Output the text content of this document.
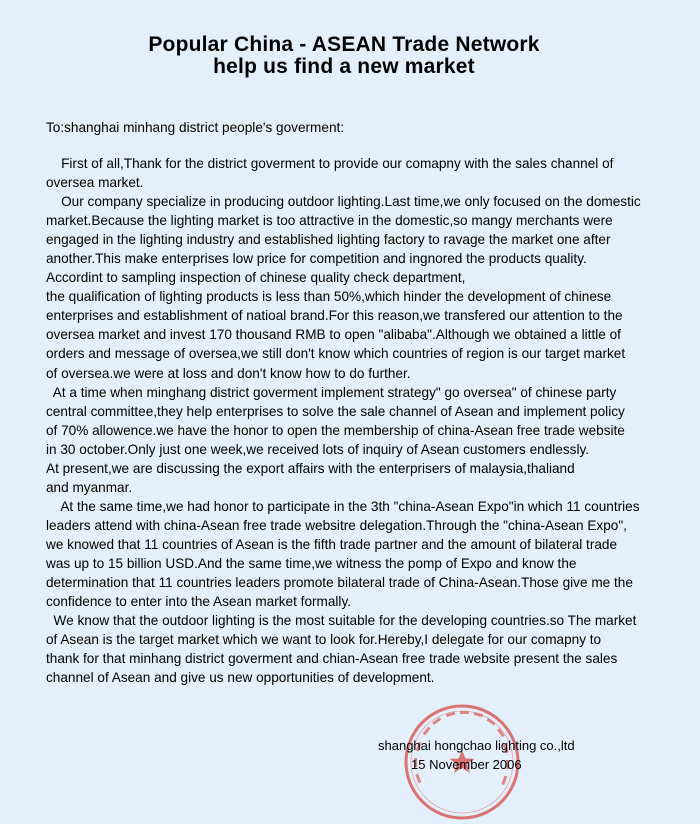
Popular China - ASEAN Trade Network
help us find a new market
To:shanghai minhang district people's goverment:
First of all,Thank for the district goverment to provide our comapny with the sales channel of
oversea market.
Our company specialize in producing outdoor lighting.Last time,we only focused on the domestic
market.Because the lighting market is too attractive in the domestic,so mangy merchants were
engaged in the lighting industry and established lighting factory to ravage the market one after
another.This make enterprises low price for competition and ingnored the products quality.
Accordint to sampling inspection of chinese quality check department,
the qualification of lighting products is less than 50%,which hinder the development of chinese
enterprises and establishment of natioal brand.For this reason,we transfered our attention to the
oversea market and invest 170 thousand RMB to open "alibaba".Although we obtained a little of
orders and message of oversea,we still don't know which countries of region is our target market
of oversea.we were at loss and don't know how to do further.
At a time when minghang district goverment implement strategy" go oversea" of chinese party
central committee,they help enterprises to solve the sale channel of Asean and implement policy
of 70% allowence.we have the honor to open the membership of china-Asean free trade website
in 30 october.Only just one week,we received lots of inquiry of Asean customers endlessly.
At present,we are discussing the export affairs with the enterprisers of malaysia,thaliand
and myanmar.
At the same time,we had honor to participate in the 3th "china-Asean Expo"in which 11 countries
leaders attend with china-Asean free trade websitre delegation.Through the "china-Asean Expo",
we knowed that 11 countries of Asean is the fifth trade partner and the amount of bilateral trade
was up to 15 billion USD.And the same time,we witness the pomp of Expo and know the
determination that 11 countries leaders promote bilateral trade of China-Asean.Those give me the
confidence to enter into the Asean market formally.
We know that the outdoor lighting is the most suitable for the developing countries.so The market
of Asean is the target market which we want to look for.Hereby,I delegate for our comapny to
thank for that minhang district goverment and chian-Asean free trade website present the sales
channel of Asean and give us new opportunities of development.
shanghai hongchao lighting co.,ltd
15 November 2006
